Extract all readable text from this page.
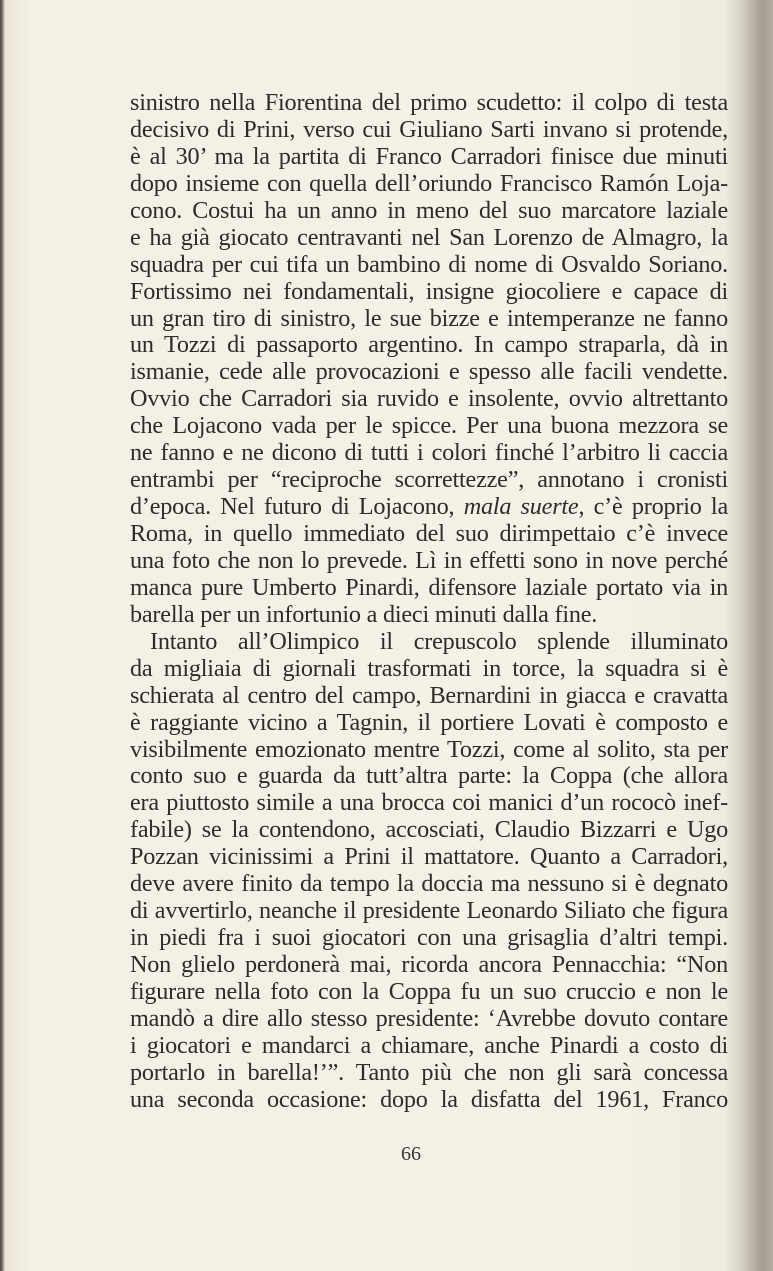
sinistro nella Fiorentina del primo scudetto: il colpo di testa
decisivo di Prini, verso cui Giuliano Sarti invano si protende,
è al 30’ ma la partita di Franco Carradori finisce due minuti
dopo insieme con quella dell’oriundo Francisco Ramón Loja-
cono. Costui ha un anno in meno del suo marcatore laziale
e ha già giocato centravanti nel San Lorenzo de Almagro, la
squadra per cui tifa un bambino di nome di Osvaldo Soriano.
Fortissimo nei fondamentali, insigne giocoliere e capace di
un gran tiro di sinistro, le sue bizze e intemperanze ne fanno
un Tozzi di passaporto argentino. In campo straparla, dà in
ismanie, cede alle provocazioni e spesso alle facili vendette.
Ovvio che Carradori sia ruvido e insolente, ovvio altrettanto
che Lojacono vada per le spicce. Per una buona mezzora se
ne fanno e ne dicono di tutti i colori finché l’arbitro li caccia
entrambi per “reciproche scorrettezze”, annotano i cronisti
d’epoca. Nel futuro di Lojacono, mala suerte, c’è proprio la
Roma, in quello immediato del suo dirimpettaio c’è invece
una foto che non lo prevede. Lì in effetti sono in nove perché
manca pure Umberto Pinardi, difensore laziale portato via in
barella per un infortunio a dieci minuti dalla fine.
Intanto all’Olimpico il crepuscolo splende illuminato
da migliaia di giornali trasformati in torce, la squadra si è
schierata al centro del campo, Bernardini in giacca e cravatta
è raggiante vicino a Tagnin, il portiere Lovati è composto e
visibilmente emozionato mentre Tozzi, come al solito, sta per
conto suo e guarda da tutt’altra parte: la Coppa (che allora
era piuttosto simile a una brocca coi manici d’un rococò inef-
fabile) se la contendono, accosciati, Claudio Bizzarri e Ugo
Pozzan vicinissimi a Prini il mattatore. Quanto a Carradori,
deve avere finito da tempo la doccia ma nessuno si è degnato
di avvertirlo, neanche il presidente Leonardo Siliato che figura
in piedi fra i suoi giocatori con una grisaglia d’altri tempi.
Non glielo perdonerà mai, ricorda ancora Pennacchia: “Non
figurare nella foto con la Coppa fu un suo cruccio e non le
mandò a dire allo stesso presidente: ‘Avrebbe dovuto contare
i giocatori e mandarci a chiamare, anche Pinardi a costo di
portarlo in barella!’”. Tanto più che non gli sarà concessa
una seconda occasione: dopo la disfatta del 1961, Franco
66
